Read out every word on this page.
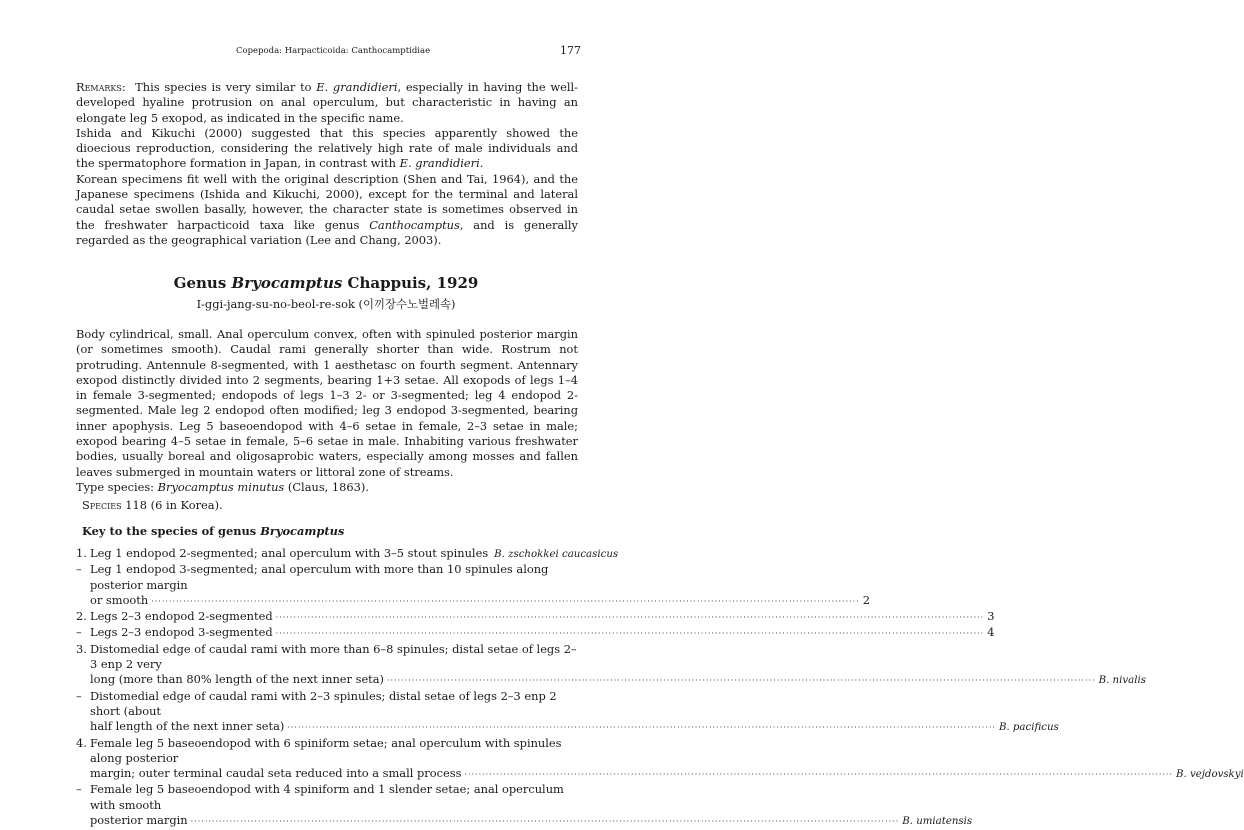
Copepoda: Harpacticoida: Canthocamptidiae	177

Remarks:  This species is very similar to E. grandidieri, especially in having the well-developed hyaline protrusion on anal operculum, but characteristic in having an elongate leg 5 exopod, as indicated in the specific name.

Ishida and Kikuchi (2000) suggested that this species apparently showed the dioecious reproduction, considering the relatively high rate of male individuals and the spermatophore formation in Japan, in contrast with E. grandidieri.

Korean specimens fit well with the original description (Shen and Tai, 1964), and the Japanese specimens (Ishida and Kikuchi, 2000), except for the terminal and lateral caudal setae swollen basally, however, the character state is sometimes observed in the freshwater harpacticoid taxa like genus Canthocamptus, and is generally regarded as the geographical variation (Lee and Chang, 2003).

Genus Bryocamptus Chappuis, 1929
I-ggi-jang-su-no-beol-re-sok (이끼장수노벌레속)

Body cylindrical, small. Anal operculum convex, often with spinuled posterior margin (or sometimes smooth). Caudal rami generally shorter than wide. Rostrum not protruding. Antennule 8-segmented, with 1 aesthetasc on fourth segment. Antennary exopod distinctly divided into 2 segments, bearing 1+3 setae. All exopods of legs 1–4 in female 3-segmented; endopods of legs 1–3 2- or 3-segmented; leg 4 endopod 2-segmented. Male leg 2 endopod often modified; leg 3 endopod 3-segmented, bearing inner apophysis. Leg 5 baseoendopod with 4–6 setae in female, 2–3 setae in male; exopod bearing 4–5 setae in female, 5–6 setae in male. Inhabiting various freshwater bodies, usually boreal and oligosaprobic waters, especially among mosses and fallen leaves submerged in mountain waters or littoral zone of streams.

Type species: Bryocamptus minutus (Claus, 1863).

Species 118 (6 in Korea).
Key to the species of genus Bryocamptus
1. Leg 1 endopod 2-segmented; anal operculum with 3–5 stout spinules B. zschokkei caucasicus
– Leg 1 endopod 3-segmented; anal operculum with more than 10 spinules along posterior margin
or smooth ········································································································································································································ 2
2. Legs 2–3 endopod 2-segmented ········································································································································································································ 3
– Legs 2–3 endopod 3-segmented ········································································································································································································ 4
3. Distomedial edge of caudal rami with more than 6–8 spinules; distal setae of legs 2–3 enp 2 very
long (more than 80% length of the next inner seta) ········································································································································································································ B. nivalis
– Distomedial edge of caudal rami with 2–3 spinules; distal setae of legs 2–3 enp 2 short (about
half length of the next inner seta) ········································································································································································································ B. pacificus
4. Female leg 5 baseoendopod with 6 spiniform setae; anal operculum with spinules along posterior
margin; outer terminal caudal seta reduced into a small process ········································································································································································································ B. vejdovskyi
– Female leg 5 baseoendopod with 4 spiniform and 1 slender setae; anal operculum with smooth
posterior margin ········································································································································································································ B. umiatensis
